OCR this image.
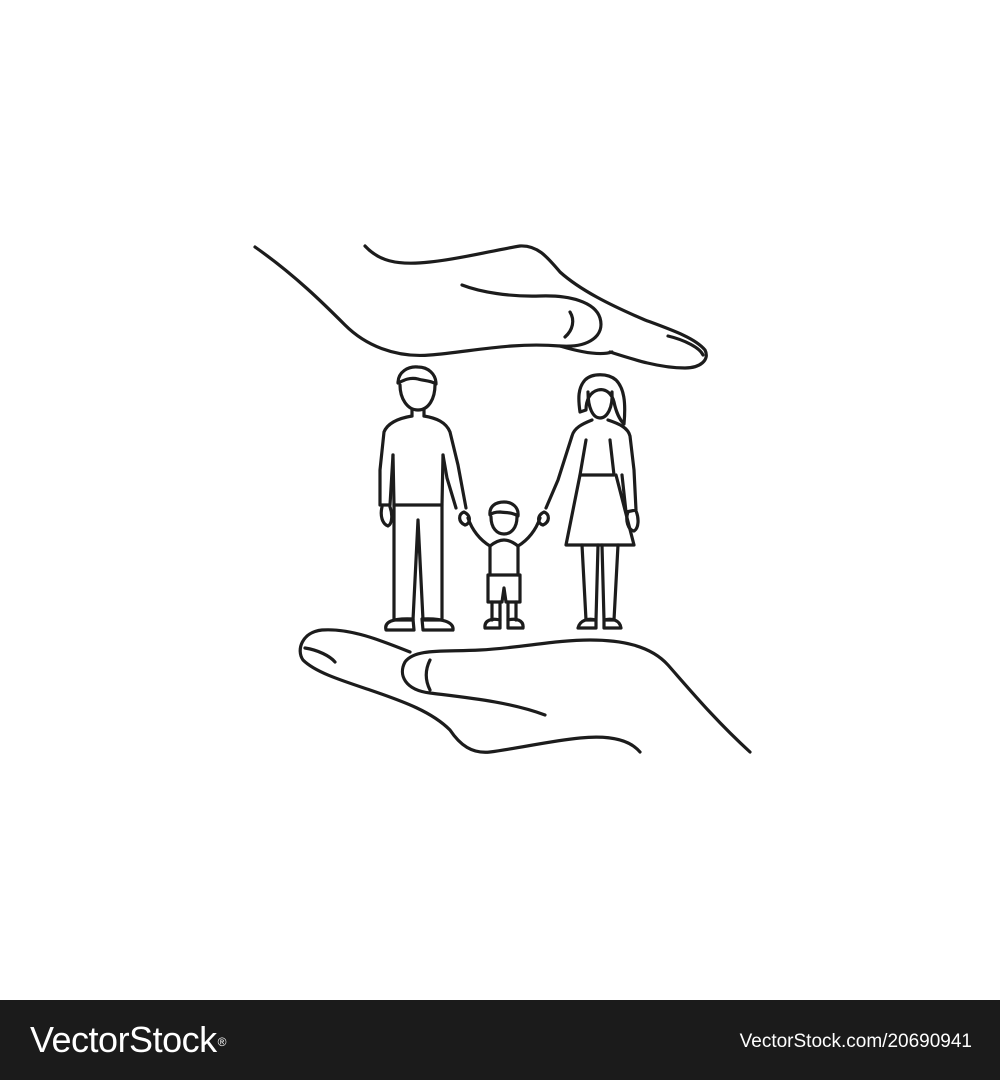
VectorStock®	VectorStock.com/20690941
